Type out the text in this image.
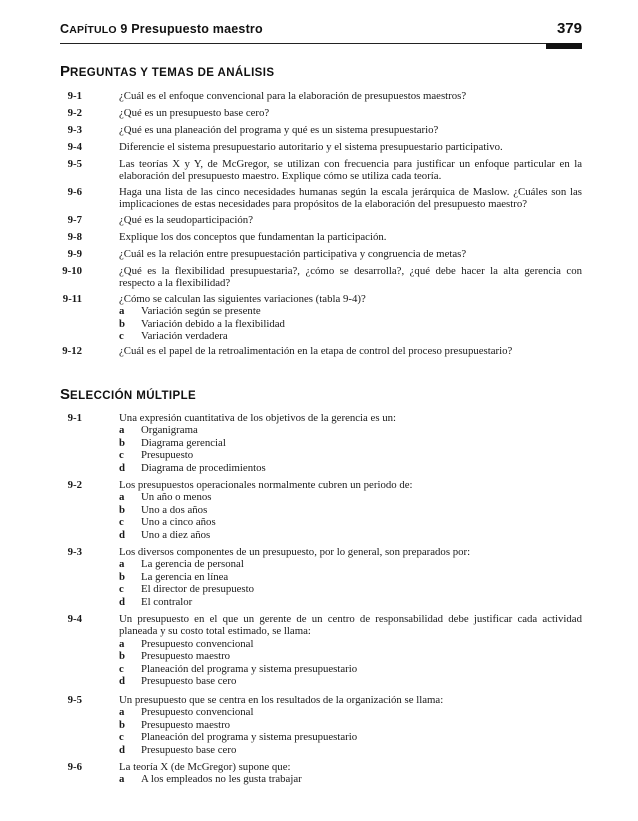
CAPÍTULO 9 Presupuesto maestro	379
PREGUNTAS Y TEMAS DE ANÁLISIS
9-1	¿Cuál es el enfoque convencional para la elaboración de presupuestos maestros?
9-2	¿Qué es un presupuesto base cero?
9-3	¿Qué es una planeación del programa y qué es un sistema presupuestario?
9-4	Diferencie el sistema presupuestario autoritario y el sistema presupuestario participativo.
9-5	Las teorías X y Y, de McGregor, se utilizan con frecuencia para justificar un enfoque particular en la elaboración del presupuesto maestro. Explique cómo se utiliza cada teoría.
9-6	Haga una lista de las cinco necesidades humanas según la escala jerárquica de Maslow. ¿Cuáles son las implicaciones de estas necesidades para propósitos de la elaboración del presupuesto maestro?
9-7	¿Qué es la seudoparticipación?
9-8	Explique los dos conceptos que fundamentan la participación.
9-9	¿Cuál es la relación entre presupuestación participativa y congruencia de metas?
9-10	¿Qué es la flexibilidad presupuestaria?, ¿cómo se desarrolla?, ¿qué debe hacer la alta gerencia con respecto a la flexibilidad?
9-11	¿Cómo se calculan las siguientes variaciones (tabla 9-4)?
a Variación según se presente
b Variación debido a la flexibilidad
c Variación verdadera
9-12	¿Cuál es el papel de la retroalimentación en la etapa de control del proceso presupuestario?
SELECCIÓN MÚLTIPLE
9-1	Una expresión cuantitativa de los objetivos de la gerencia es un:
a Organigrama
b Diagrama gerencial
c Presupuesto
d Diagrama de procedimientos
9-2	Los presupuestos operacionales normalmente cubren un periodo de:
a Un año o menos
b Uno a dos años
c Uno a cinco años
d Uno a diez años
9-3	Los diversos componentes de un presupuesto, por lo general, son preparados por:
a La gerencia de personal
b La gerencia en línea
c El director de presupuesto
d El contralor
9-4	Un presupuesto en el que un gerente de un centro de responsabilidad debe justificar cada actividad planeada y su costo total estimado, se llama:
a Presupuesto convencional
b Presupuesto maestro
c Planeación del programa y sistema presupuestario
d Presupuesto base cero
9-5	Un presupuesto que se centra en los resultados de la organización se llama:
a Presupuesto convencional
b Presupuesto maestro
c Planeación del programa y sistema presupuestario
d Presupuesto base cero
9-6	La teoría X (de McGregor) supone que:
a A los empleados no les gusta trabajar
